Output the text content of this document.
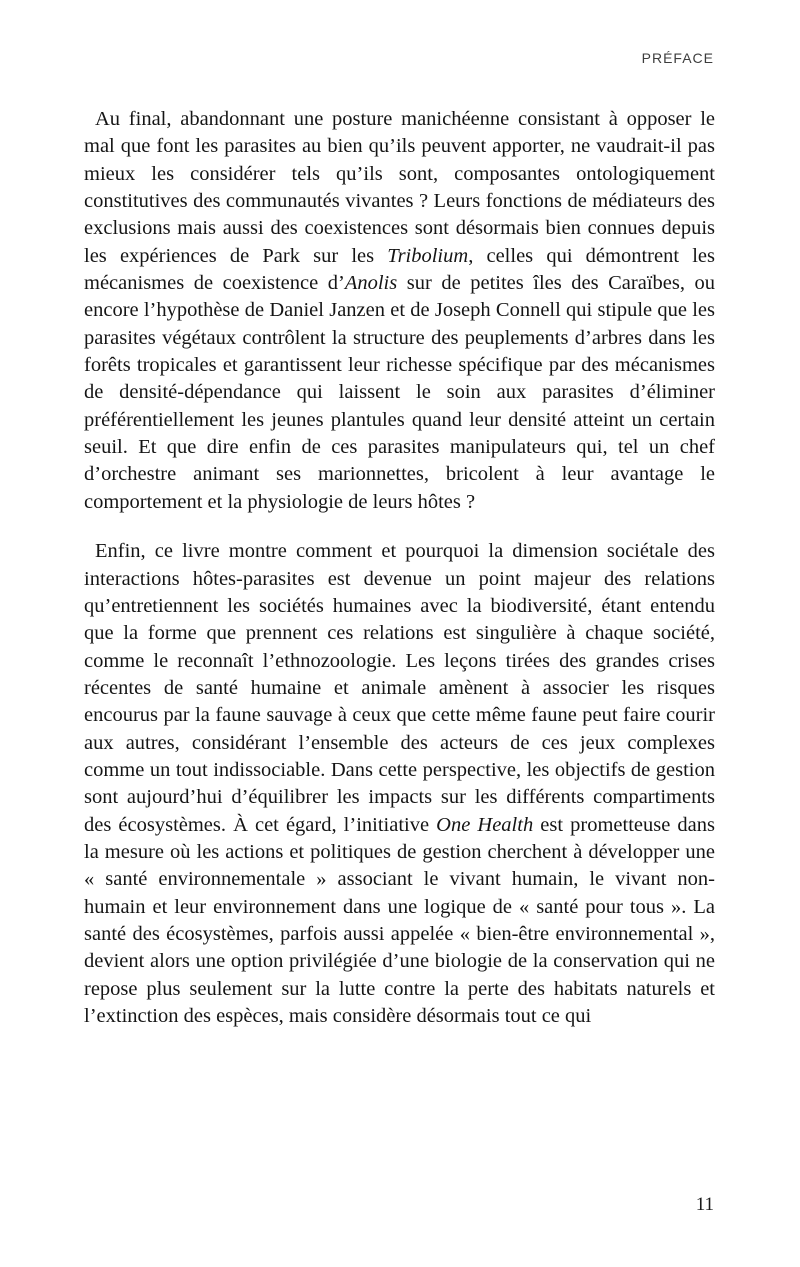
PRÉFACE

Au final, abandonnant une posture manichéenne consistant à opposer le mal que font les parasites au bien qu’ils peuvent apporter, ne vaudrait-il pas mieux les considérer tels qu’ils sont, composantes ontologiquement constitutives des communautés vivantes ? Leurs fonctions de médiateurs des exclusions mais aussi des coexistences sont désormais bien connues depuis les expériences de Park sur les Tribolium, celles qui démontrent les mécanismes de coexistence d’Anolis sur de petites îles des Caraïbes, ou encore l’hypothèse de Daniel Janzen et de Joseph Connell qui stipule que les parasites végétaux contrôlent la structure des peuplements d’arbres dans les forêts tropicales et garantissent leur richesse spécifique par des mécanismes de densité-dépendance qui laissent le soin aux parasites d’éliminer préférentiellement les jeunes plantules quand leur densité atteint un certain seuil. Et que dire enfin de ces parasites manipulateurs qui, tel un chef d’orchestre animant ses marionnettes, bricolent à leur avantage le comportement et la physiologie de leurs hôtes ?

Enfin, ce livre montre comment et pourquoi la dimension sociétale des interactions hôtes-parasites est devenue un point majeur des relations qu’entretiennent les sociétés humaines avec la biodiversité, étant entendu que la forme que prennent ces relations est singulière à chaque société, comme le reconnaît l’ethnozoologie. Les leçons tirées des grandes crises récentes de santé humaine et animale amènent à associer les risques encourus par la faune sauvage à ceux que cette même faune peut faire courir aux autres, considérant l’ensemble des acteurs de ces jeux complexes comme un tout indissociable. Dans cette perspective, les objectifs de gestion sont aujourd’hui d’équilibrer les impacts sur les différents compartiments des écosystèmes. À cet égard, l’initiative One Health est prometteuse dans la mesure où les actions et politiques de gestion cherchent à développer une « santé environnementale » associant le vivant humain, le vivant non-humain et leur environnement dans une logique de « santé pour tous ». La santé des écosystèmes, parfois aussi appelée « bien-être environnemental », devient alors une option privilégiée d’une biologie de la conservation qui ne repose plus seulement sur la lutte contre la perte des habitats naturels et l’extinction des espèces, mais considère désormais tout ce qui

11
